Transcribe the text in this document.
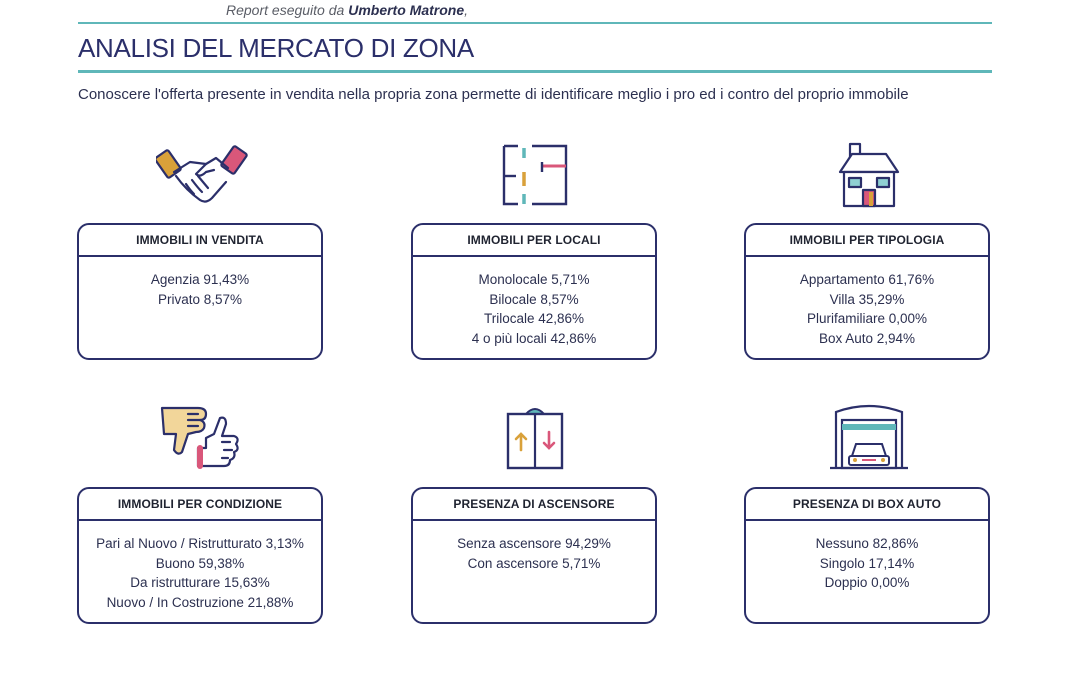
Report eseguito da Umberto Matrone,
ANALISI DEL MERCATO DI ZONA
Conoscere l'offerta presente in vendita nella propria zona permette di identificare meglio i pro ed i contro del proprio immobile
IMMOBILI IN VENDITA
Agenzia 91,43%
Privato 8,57%
IMMOBILI PER LOCALI
Monolocale 5,71%
Bilocale 8,57%
Trilocale 42,86%
4 o più locali 42,86%
IMMOBILI PER TIPOLOGIA
Appartamento 61,76%
Villa 35,29%
Plurifamiliare 0,00%
Box Auto 2,94%
IMMOBILI PER CONDIZIONE
Pari al Nuovo / Ristrutturato 3,13%
Buono 59,38%
Da ristrutturare 15,63%
Nuovo / In Costruzione 21,88%
PRESENZA DI ASCENSORE
Senza ascensore 94,29%
Con ascensore 5,71%
PRESENZA DI BOX AUTO
Nessuno 82,86%
Singolo 17,14%
Doppio 0,00%
